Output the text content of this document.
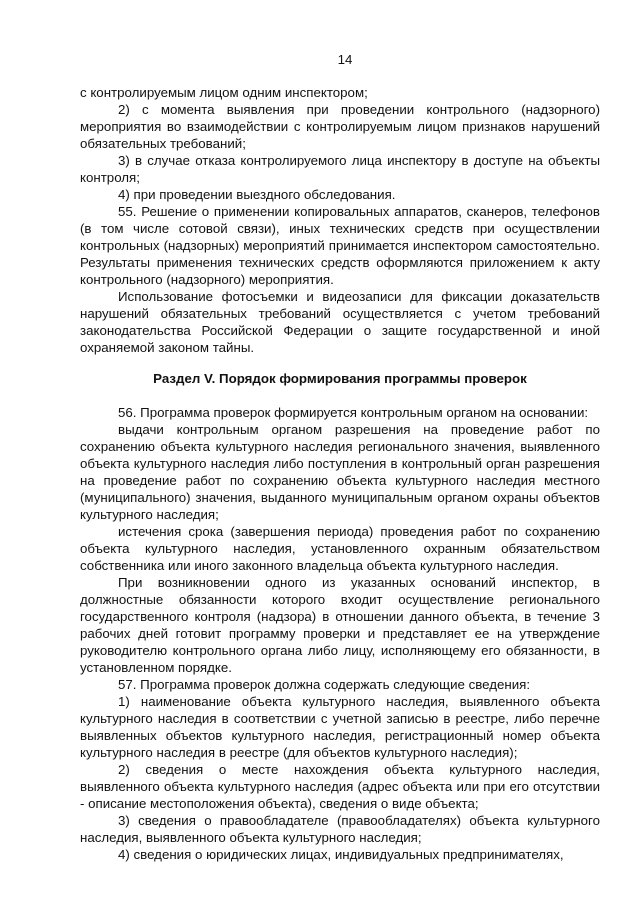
14

с контролируемым лицом одним инспектором;

2) с момента выявления при проведении контрольного (надзорного) мероприятия во взаимодействии с контролируемым лицом признаков нарушений обязательных требований;

3) в случае отказа контролируемого лица инспектору в доступе на объекты контроля;

4) при проведении выездного обследования.

55. Решение о применении копировальных аппаратов, сканеров, телефонов (в том числе сотовой связи), иных технических средств при осуществлении контрольных (надзорных) мероприятий принимается инспектором самостоятельно. Результаты применения технических средств оформляются приложением к акту контрольного (надзорного) мероприятия.

Использование фотосъемки и видеозаписи для фиксации доказательств нарушений обязательных требований осуществляется с учетом требований законодательства Российской Федерации о защите государственной и иной охраняемой законом тайны.

Раздел V. Порядок формирования программы проверок

56. Программа проверок формируется контрольным органом на основании:

выдачи контрольным органом разрешения на проведение работ по сохранению объекта культурного наследия регионального значения, выявленного объекта культурного наследия либо поступления в контрольный орган разрешения на проведение работ по сохранению объекта культурного наследия местного (муниципального) значения, выданного муниципальным органом охраны объектов культурного наследия;

истечения срока (завершения периода) проведения работ по сохранению объекта культурного наследия, установленного охранным обязательством собственника или иного законного владельца объекта культурного наследия.

При возникновении одного из указанных оснований инспектор, в должностные обязанности которого входит осуществление регионального государственного контроля (надзора) в отношении данного объекта, в течение 3 рабочих дней готовит программу проверки и представляет ее на утверждение руководителю контрольного органа либо лицу, исполняющему его обязанности, в установленном порядке.

57. Программа проверок должна содержать следующие сведения:

1) наименование объекта культурного наследия, выявленного объекта культурного наследия в соответствии с учетной записью в реестре, либо перечне выявленных объектов культурного наследия, регистрационный номер объекта культурного наследия в реестре (для объектов культурного наследия);

2) сведения о месте нахождения объекта культурного наследия, выявленного объекта культурного наследия (адрес объекта или при его отсутствии - описание местоположения объекта), сведения о виде объекта;

3) сведения о правообладателе (правообладателях) объекта культурного наследия, выявленного объекта культурного наследия;

4) сведения о юридических лицах, индивидуальных предпринимателях,
